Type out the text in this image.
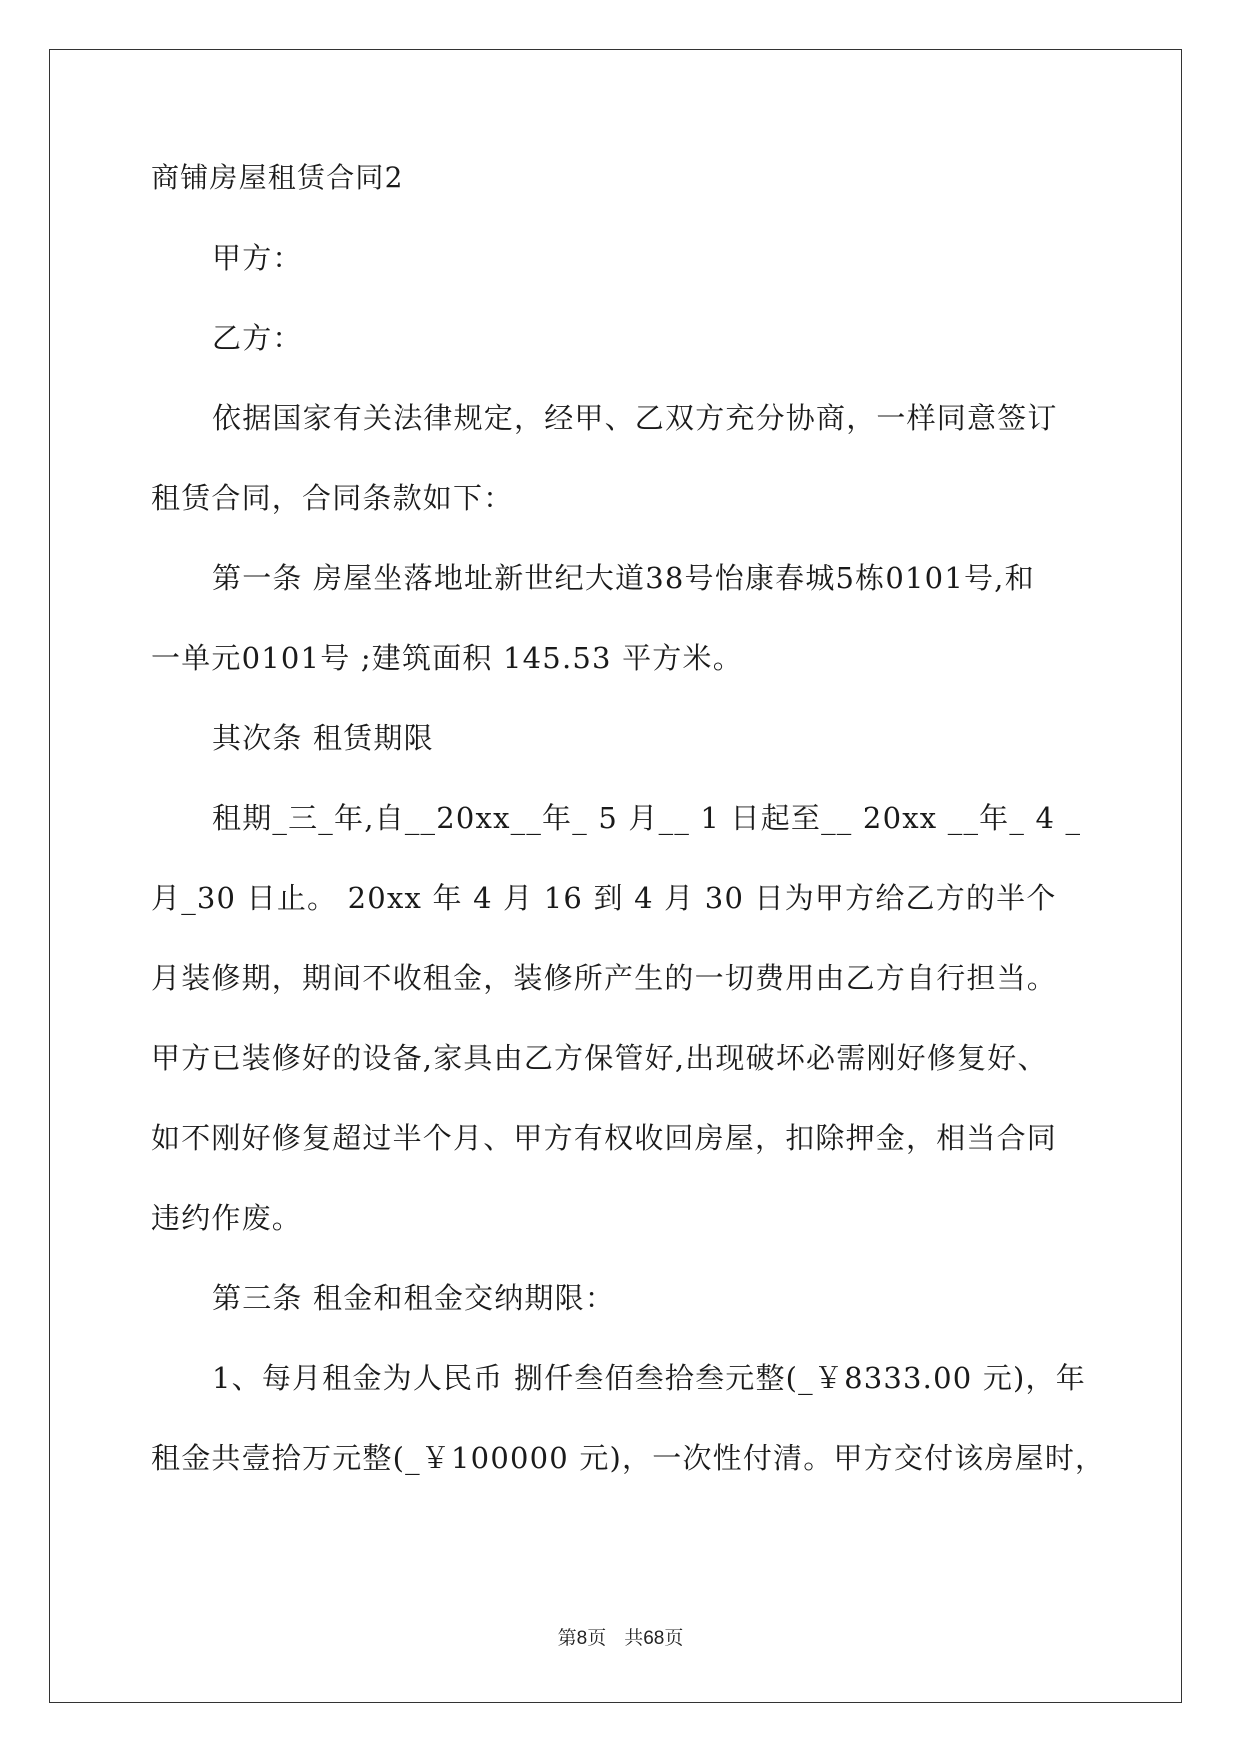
商铺房屋租赁合同2
甲方：
乙方：
依据国家有关法律规定，经甲、乙双方充分协商，一样同意签订
租赁合同，合同条款如下：
第一条 房屋坐落地址新世纪大道38号怡康春城5栋0101号,和
一单元0101号 ;建筑面积 145.53 平方米。
其次条 租赁期限
租期_三_年,自__20xx__年_ 5 月__ 1 日起至__ 20xx __年_ 4 _
月_30 日止。 20xx 年 4 月 16 到 4 月 30 日为甲方给乙方的半个
月装修期，期间不收租金，装修所产生的一切费用由乙方自行担当。
甲方已装修好的设备,家具由乙方保管好,出现破坏必需刚好修复好、
如不刚好修复超过半个月、甲方有权收回房屋，扣除押金，相当合同
违约作废。
第三条 租金和租金交纳期限：
1、每月租金为人民币 捌仟叁佰叁拾叁元整(_￥8333.00 元)，年
租金共壹拾万元整(_￥100000 元)，一次性付清。甲方交付该房屋时，
第8页 共68页
